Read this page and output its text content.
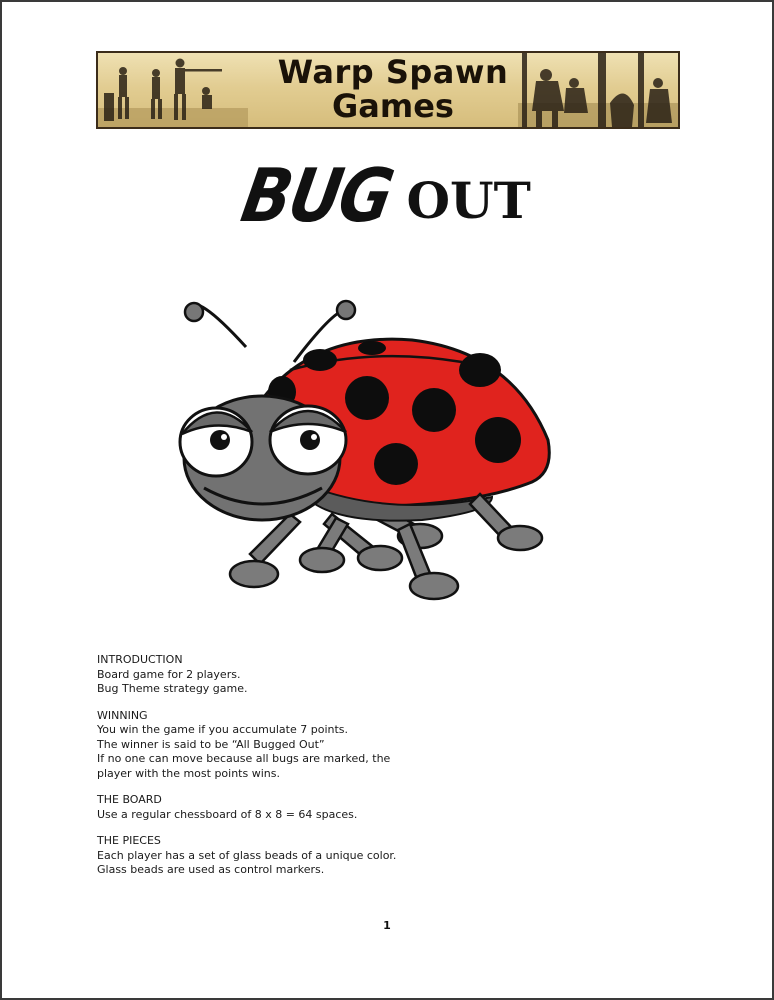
Warp Spawn
Games
BUG OUT
INTRODUCTION
Board game for 2 players.
Bug Theme strategy game.
WINNING
You win the game if you accumulate 7 points.
The winner is said to be “All Bugged Out”
If no one can move because all bugs are marked, the
player with the most points wins.
THE BOARD
Use a regular chessboard of 8 x 8 = 64 spaces.
THE PIECES
Each player has a set of glass beads of a unique color.
Glass beads are used as control markers.
1
